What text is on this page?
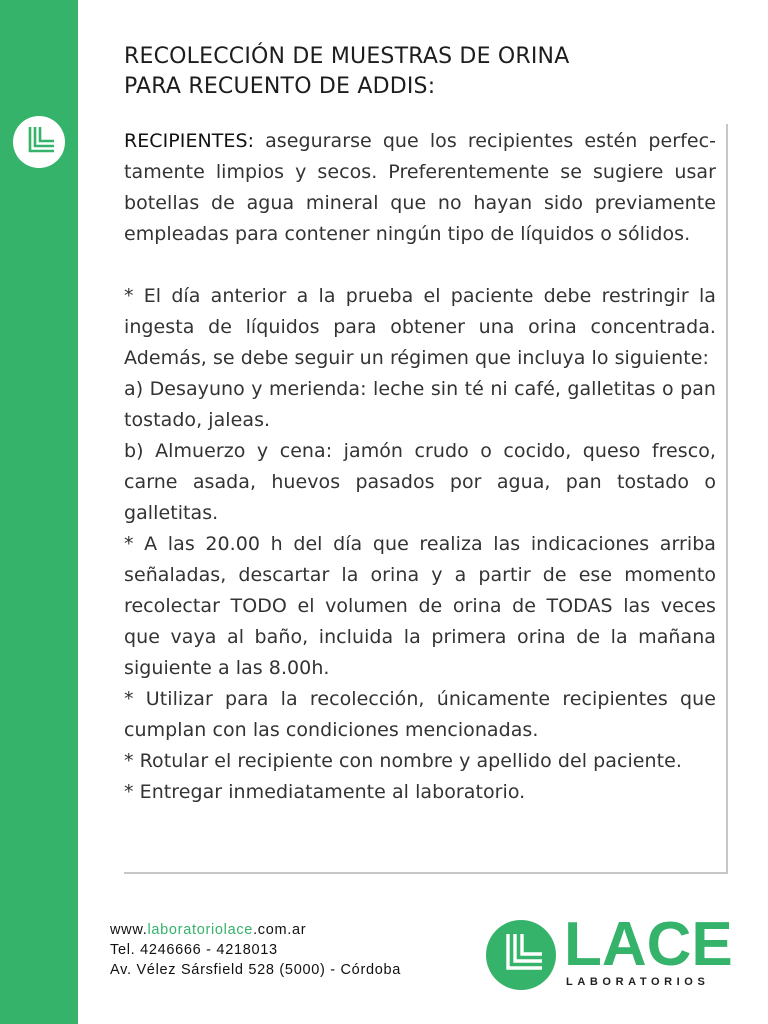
RECOLECCIÓN DE MUESTRAS DE ORINA
PARA RECUENTO DE ADDIS:

RECIPIENTES: asegurarse que los recipientes estén perfec-tamente limpios y secos. Preferentemente se sugiere usar botellas de agua mineral que no hayan sido previamente empleadas para contener ningún tipo de líquidos o sólidos.

* El día anterior a la prueba el paciente debe restringir la ingesta de líquidos para obtener una orina concentrada. Además, se debe seguir un régimen que incluya lo siguiente:

a) Desayuno y merienda: leche sin té ni café, galletitas o pan tostado, jaleas.

b) Almuerzo y cena: jamón crudo o cocido, queso fresco, carne asada, huevos pasados por agua, pan tostado o galletitas.

* A las 20.00 h del día que realiza las indicaciones arriba señaladas, descartar la orina y a partir de ese momento recolectar TODO el volumen de orina de TODAS las veces que vaya al baño, incluida la primera orina de la mañana siguiente a las 8.00h.

* Utilizar para la recolección, únicamente recipientes que cumplan con las condiciones mencionadas.

* Rotular el recipiente con nombre y apellido del paciente.

* Entregar inmediatamente al laboratorio.

www.laboratoriolace.com.ar
Tel. 4246666 - 4218013
Av. Vélez Sársfield 528 (5000) - Córdoba	LACE
LABORATORIOS
